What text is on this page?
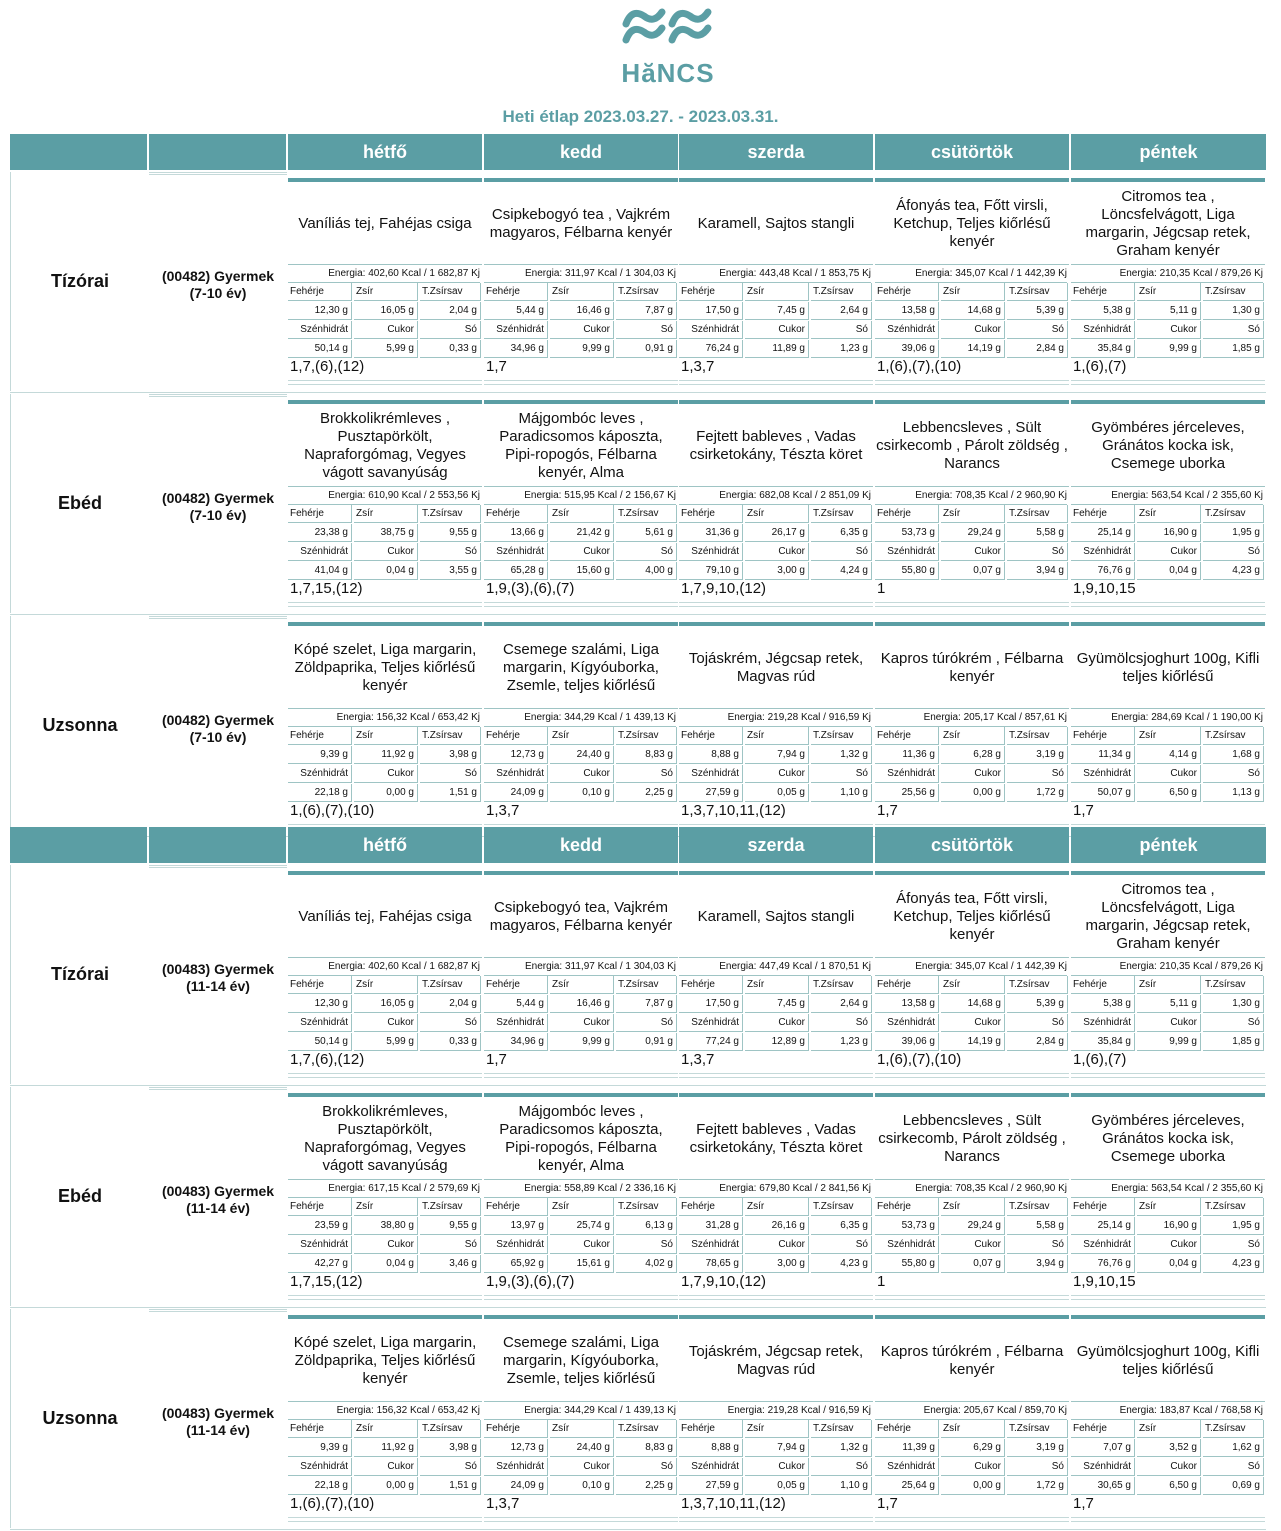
HăNCS
Heti étlap 2023.03.27. - 2023.03.31.
hétfő	kedd	szerda	csütörtök	péntek
Tízórai	(00482) Gyermek
(7-10 év)
Vaníliás tej, Fahéjas csiga
Energia: 402,60 Kcal / 1 682,87 Kj
Fehérje	Zsír	T.Zsírsav
12,30 g	16,05 g	2,04 g
Szénhidrát	Cukor	Só
50,14 g	5,99 g	0,33 g
1,7,(6),(12)
Csipkebogyó tea , Vajkrém magyaros, Félbarna kenyér
Energia: 311,97 Kcal / 1 304,03 Kj
Fehérje	Zsír	T.Zsírsav
5,44 g	16,46 g	7,87 g
Szénhidrát	Cukor	Só
34,96 g	9,99 g	0,91 g
1,7
Karamell, Sajtos stangli
Energia: 443,48 Kcal / 1 853,75 Kj
Fehérje	Zsír	T.Zsírsav
17,50 g	7,45 g	2,64 g
Szénhidrát	Cukor	Só
76,24 g	11,89 g	1,23 g
1,3,7
Áfonyás tea, Főtt virsli, Ketchup, Teljes kiőrlésű kenyér
Energia: 345,07 Kcal / 1 442,39 Kj
Fehérje	Zsír	T.Zsírsav
13,58 g	14,68 g	5,39 g
Szénhidrát	Cukor	Só
39,06 g	14,19 g	2,84 g
1,(6),(7),(10)
Citromos tea , Löncsfelvágott, Liga margarin, Jégcsap retek, Graham kenyér
Energia: 210,35 Kcal / 879,26 Kj
Fehérje	Zsír	T.Zsírsav
5,38 g	5,11 g	1,30 g
Szénhidrát	Cukor	Só
35,84 g	9,99 g	1,85 g
1,(6),(7)
Ebéd	(00482) Gyermek
(7-10 év)
Brokkolikrémleves , Pusztapörkölt, Napraforgómag, Vegyes vágott savanyúság
Energia: 610,90 Kcal / 2 553,56 Kj
Fehérje	Zsír	T.Zsírsav
23,38 g	38,75 g	9,55 g
Szénhidrát	Cukor	Só
41,04 g	0,04 g	3,55 g
1,7,15,(12)
Májgombóc leves , Paradicsomos káposzta, Pipi-ropogós, Félbarna kenyér, Alma
Energia: 515,95 Kcal / 2 156,67 Kj
Fehérje	Zsír	T.Zsírsav
13,66 g	21,42 g	5,61 g
Szénhidrát	Cukor	Só
65,28 g	15,60 g	4,00 g
1,9,(3),(6),(7)
Fejtett bableves , Vadas csirketokány, Tészta köret
Energia: 682,08 Kcal / 2 851,09 Kj
Fehérje	Zsír	T.Zsírsav
31,36 g	26,17 g	6,35 g
Szénhidrát	Cukor	Só
79,10 g	3,00 g	4,24 g
1,7,9,10,(12)
Lebbencsleves , Sült csirkecomb , Párolt zöldség , Narancs
Energia: 708,35 Kcal / 2 960,90 Kj
Fehérje	Zsír	T.Zsírsav
53,73 g	29,24 g	5,58 g
Szénhidrát	Cukor	Só
55,80 g	0,07 g	3,94 g
1
Gyömbéres jérceleves, Gránátos kocka isk, Csemege uborka
Energia: 563,54 Kcal / 2 355,60 Kj
Fehérje	Zsír	T.Zsírsav
25,14 g	16,90 g	1,95 g
Szénhidrát	Cukor	Só
76,76 g	0,04 g	4,23 g
1,9,10,15
Uzsonna	(00482) Gyermek
(7-10 év)
Kópé szelet, Liga margarin, Zöldpaprika, Teljes kiőrlésű kenyér
Energia: 156,32 Kcal / 653,42 Kj
Fehérje	Zsír	T.Zsírsav
9,39 g	11,92 g	3,98 g
Szénhidrát	Cukor	Só
22,18 g	0,00 g	1,51 g
1,(6),(7),(10)
Csemege szalámi, Liga margarin, Kígyóuborka, Zsemle, teljes kiőrlésű
Energia: 344,29 Kcal / 1 439,13 Kj
Fehérje	Zsír	T.Zsírsav
12,73 g	24,40 g	8,83 g
Szénhidrát	Cukor	Só
24,09 g	0,10 g	2,25 g
1,3,7
Tojáskrém, Jégcsap retek, Magvas rúd
Energia: 219,28 Kcal / 916,59 Kj
Fehérje	Zsír	T.Zsírsav
8,88 g	7,94 g	1,32 g
Szénhidrát	Cukor	Só
27,59 g	0,05 g	1,10 g
1,3,7,10,11,(12)
Kapros túrókrém , Félbarna kenyér
Energia: 205,17 Kcal / 857,61 Kj
Fehérje	Zsír	T.Zsírsav
11,36 g	6,28 g	3,19 g
Szénhidrát	Cukor	Só
25,56 g	0,00 g	1,72 g
1,7
Gyümölcsjoghurt 100g, Kifli teljes kiőrlésű
Energia: 284,69 Kcal / 1 190,00 Kj
Fehérje	Zsír	T.Zsírsav
11,34 g	4,14 g	1,68 g
Szénhidrát	Cukor	Só
50,07 g	6,50 g	1,13 g
1,7
hétfő	kedd	szerda	csütörtök	péntek
Tízórai	(00483) Gyermek
(11-14 év)
Vaníliás tej, Fahéjas csiga
Energia: 402,60 Kcal / 1 682,87 Kj
Fehérje	Zsír	T.Zsírsav
12,30 g	16,05 g	2,04 g
Szénhidrát	Cukor	Só
50,14 g	5,99 g	0,33 g
1,7,(6),(12)
Csipkebogyó tea, Vajkrém magyaros, Félbarna kenyér
Energia: 311,97 Kcal / 1 304,03 Kj
Fehérje	Zsír	T.Zsírsav
5,44 g	16,46 g	7,87 g
Szénhidrát	Cukor	Só
34,96 g	9,99 g	0,91 g
1,7
Karamell, Sajtos stangli
Energia: 447,49 Kcal / 1 870,51 Kj
Fehérje	Zsír	T.Zsírsav
17,50 g	7,45 g	2,64 g
Szénhidrát	Cukor	Só
77,24 g	12,89 g	1,23 g
1,3,7
Áfonyás tea, Főtt virsli, Ketchup, Teljes kiőrlésű kenyér
Energia: 345,07 Kcal / 1 442,39 Kj
Fehérje	Zsír	T.Zsírsav
13,58 g	14,68 g	5,39 g
Szénhidrát	Cukor	Só
39,06 g	14,19 g	2,84 g
1,(6),(7),(10)
Citromos tea , Löncsfelvágott, Liga margarin, Jégcsap retek, Graham kenyér
Energia: 210,35 Kcal / 879,26 Kj
Fehérje	Zsír	T.Zsírsav
5,38 g	5,11 g	1,30 g
Szénhidrát	Cukor	Só
35,84 g	9,99 g	1,85 g
1,(6),(7)
Ebéd	(00483) Gyermek
(11-14 év)
Brokkolikrémleves, Pusztapörkölt, Napraforgómag, Vegyes vágott savanyúság
Energia: 617,15 Kcal / 2 579,69 Kj
Fehérje	Zsír	T.Zsírsav
23,59 g	38,80 g	9,55 g
Szénhidrát	Cukor	Só
42,27 g	0,04 g	3,46 g
1,7,15,(12)
Májgombóc leves , Paradicsomos káposzta, Pipi-ropogós, Félbarna kenyér, Alma
Energia: 558,89 Kcal / 2 336,16 Kj
Fehérje	Zsír	T.Zsírsav
13,97 g	25,74 g	6,13 g
Szénhidrát	Cukor	Só
65,92 g	15,61 g	4,02 g
1,9,(3),(6),(7)
Fejtett bableves , Vadas csirketokány, Tészta köret
Energia: 679,80 Kcal / 2 841,56 Kj
Fehérje	Zsír	T.Zsírsav
31,28 g	26,16 g	6,35 g
Szénhidrát	Cukor	Só
78,65 g	3,00 g	4,23 g
1,7,9,10,(12)
Lebbencsleves , Sült csirkecomb, Párolt zöldség , Narancs
Energia: 708,35 Kcal / 2 960,90 Kj
Fehérje	Zsír	T.Zsírsav
53,73 g	29,24 g	5,58 g
Szénhidrát	Cukor	Só
55,80 g	0,07 g	3,94 g
1
Gyömbéres jérceleves, Gránátos kocka isk, Csemege uborka
Energia: 563,54 Kcal / 2 355,60 Kj
Fehérje	Zsír	T.Zsírsav
25,14 g	16,90 g	1,95 g
Szénhidrát	Cukor	Só
76,76 g	0,04 g	4,23 g
1,9,10,15
Uzsonna	(00483) Gyermek
(11-14 év)
Kópé szelet, Liga margarin, Zöldpaprika, Teljes kiőrlésű kenyér
Energia: 156,32 Kcal / 653,42 Kj
Fehérje	Zsír	T.Zsírsav
9,39 g	11,92 g	3,98 g
Szénhidrát	Cukor	Só
22,18 g	0,00 g	1,51 g
1,(6),(7),(10)
Csemege szalámi, Liga margarin, Kígyóuborka, Zsemle, teljes kiőrlésű
Energia: 344,29 Kcal / 1 439,13 Kj
Fehérje	Zsír	T.Zsírsav
12,73 g	24,40 g	8,83 g
Szénhidrát	Cukor	Só
24,09 g	0,10 g	2,25 g
1,3,7
Tojáskrém, Jégcsap retek, Magvas rúd
Energia: 219,28 Kcal / 916,59 Kj
Fehérje	Zsír	T.Zsírsav
8,88 g	7,94 g	1,32 g
Szénhidrát	Cukor	Só
27,59 g	0,05 g	1,10 g
1,3,7,10,11,(12)
Kapros túrókrém , Félbarna kenyér
Energia: 205,67 Kcal / 859,70 Kj
Fehérje	Zsír	T.Zsírsav
11,39 g	6,29 g	3,19 g
Szénhidrát	Cukor	Só
25,64 g	0,00 g	1,72 g
1,7
Gyümölcsjoghurt 100g, Kifli teljes kiőrlésű
Energia: 183,87 Kcal / 768,58 Kj
Fehérje	Zsír	T.Zsírsav
7,07 g	3,52 g	1,62 g
Szénhidrát	Cukor	Só
30,65 g	6,50 g	0,69 g
1,7
